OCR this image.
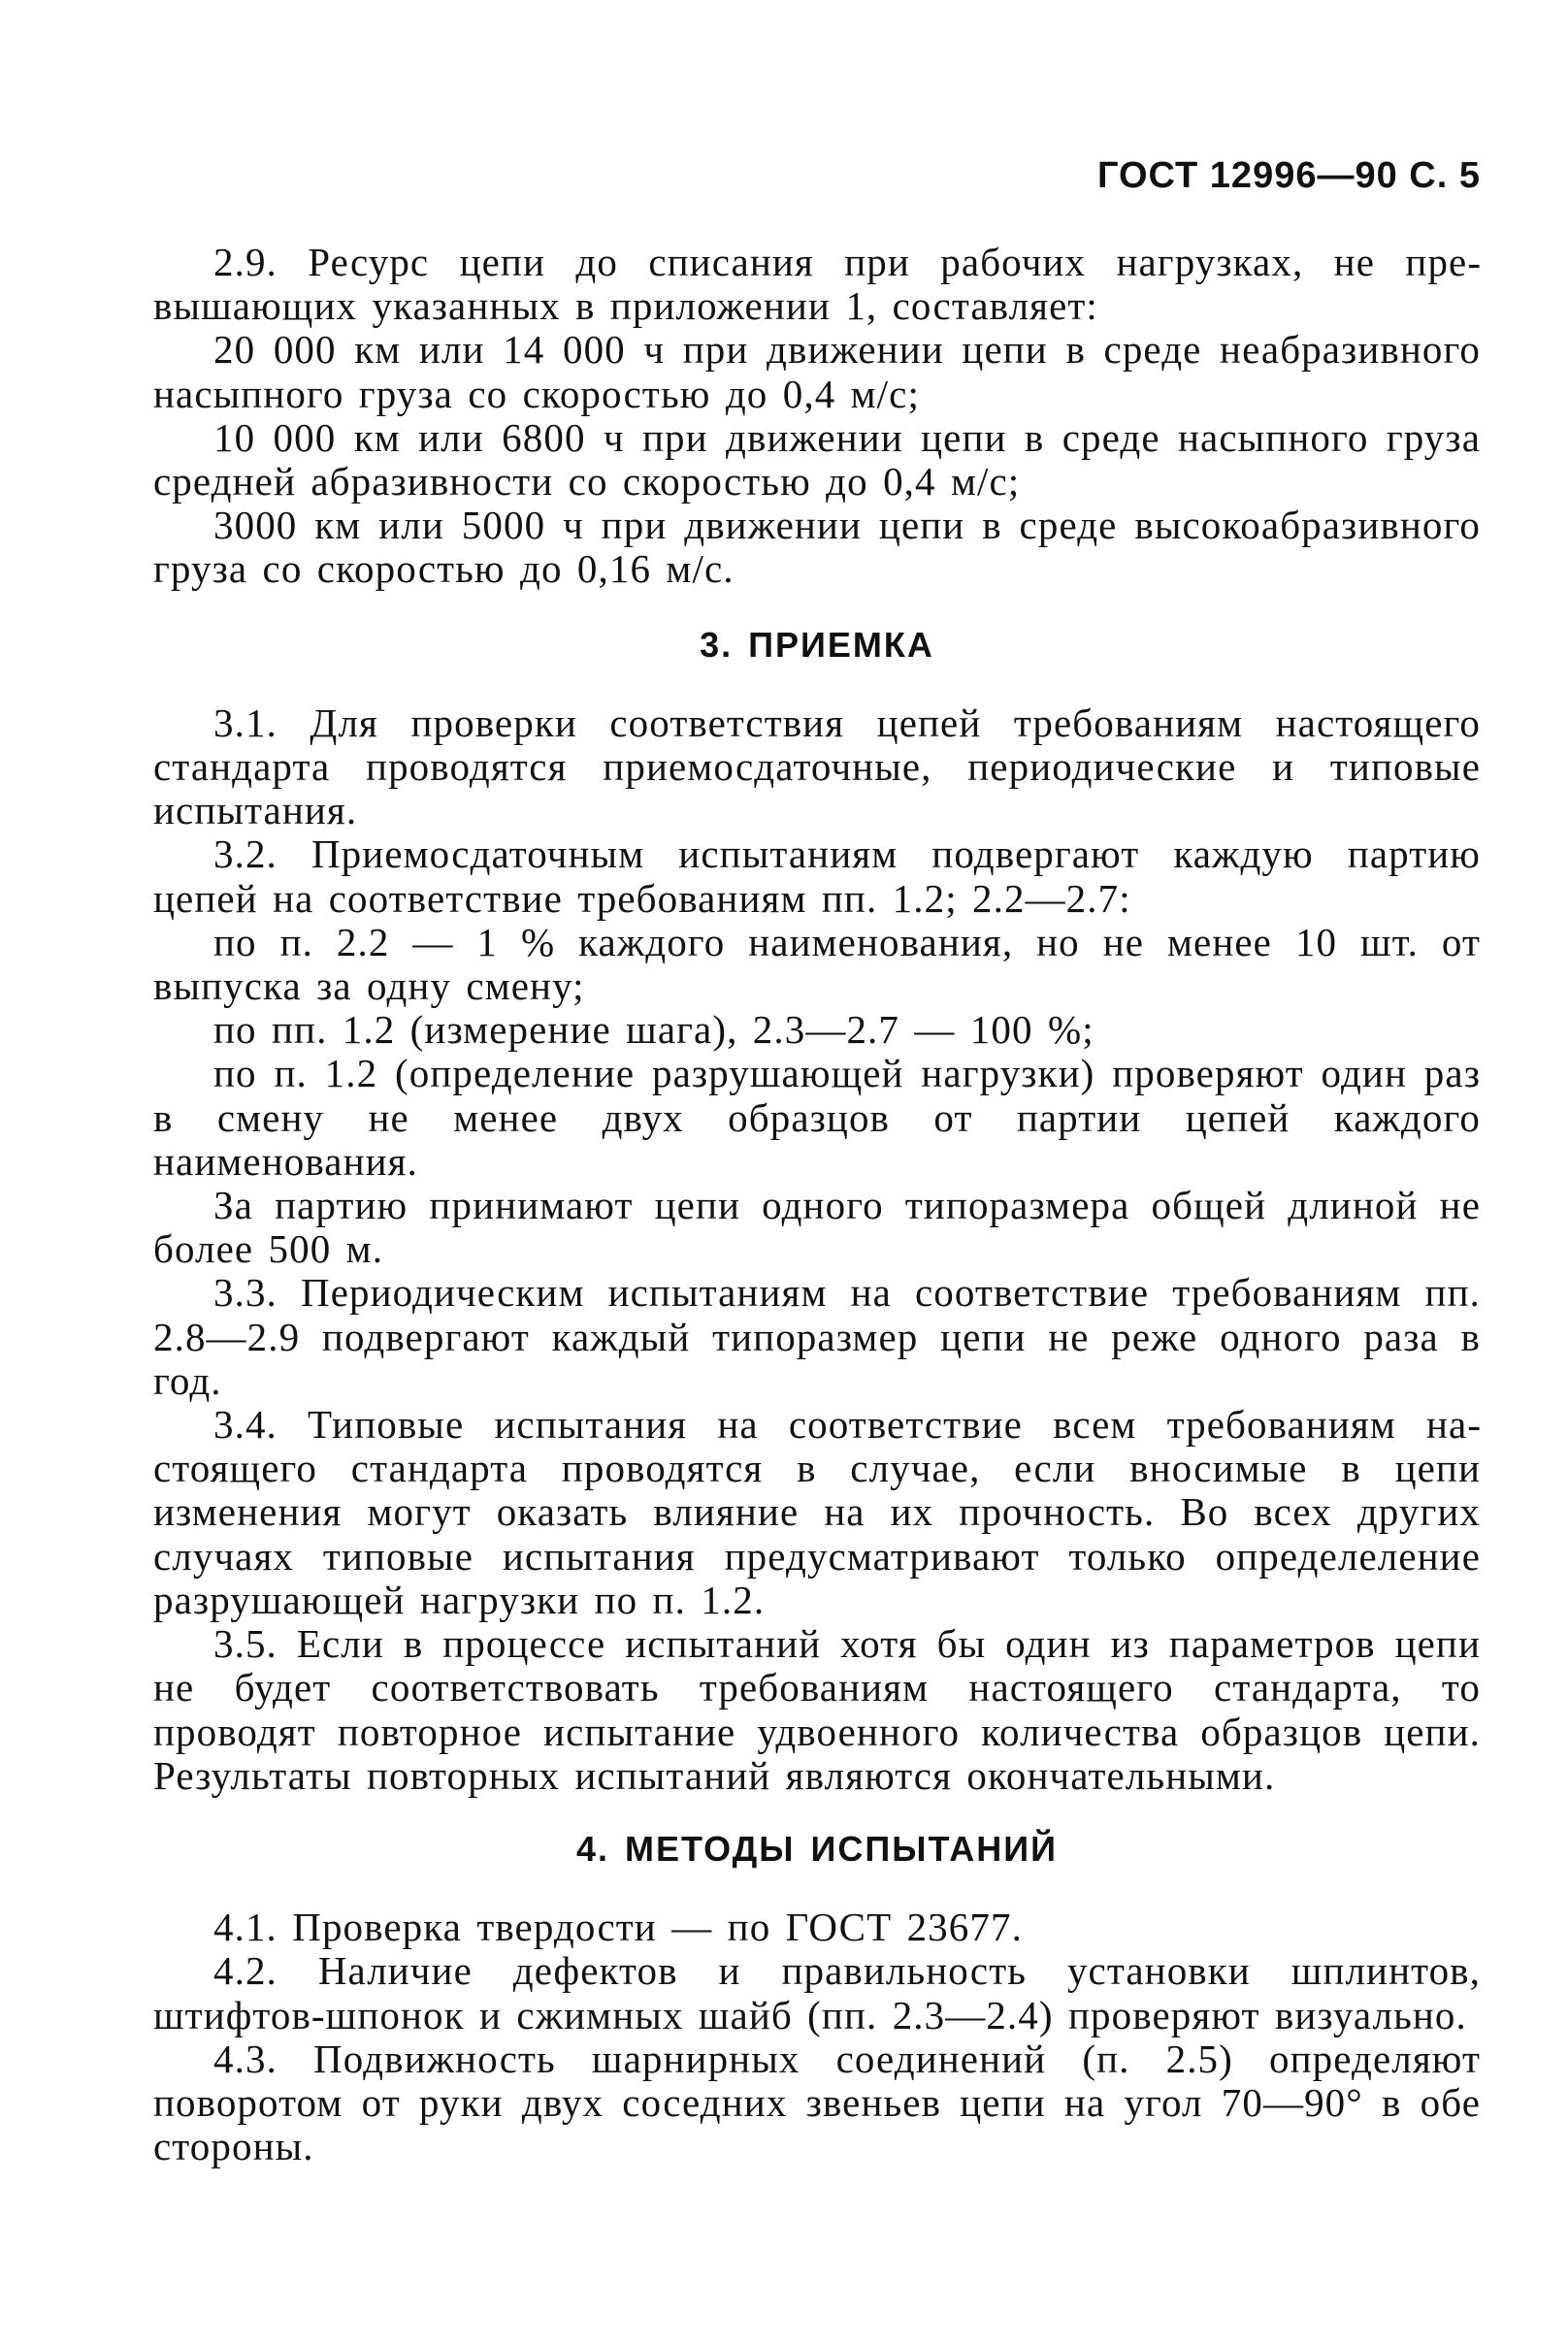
ГОСТ 12996—90 С. 5

2.9. Ресурс цепи до списания при рабочих нагрузках, не превышающих указанных в приложении 1, составляет:

20 000 км или 14 000 ч при движении цепи в среде неабразивного насыпного груза со скоростью до 0,4 м/с;

10 000 км или 6800 ч при движении цепи в среде насыпного груза средней абразивности со скоростью до 0,4 м/с;

3000 км или 5000 ч при движении цепи в среде высокоабразивного груза со скоростью до 0,16 м/с.

3. ПРИЕМКА

3.1. Для проверки соответствия цепей требованиям настоящего стандарта проводятся приемосдаточные, периодические и типовые испытания.

3.2. Приемосдаточным испытаниям подвергают каждую партию цепей на соответствие требованиям пп. 1.2; 2.2—2.7:

по п. 2.2 — 1 % каждого наименования, но не менее 10 шт. от выпуска за одну смену;

по пп. 1.2 (измерение шага), 2.3—2.7 — 100 %;

по п. 1.2 (определение разрушающей нагрузки) проверяют один раз в смену не менее двух образцов от партии цепей каждого наименования.

За партию принимают цепи одного типоразмера общей длиной не более 500 м.

3.3. Периодическим испытаниям на соответствие требованиям пп. 2.8—2.9 подвергают каждый типоразмер цепи не реже одного раза в год.

3.4. Типовые испытания на соответствие всем требованиям настоящего стандарта проводятся в случае, если вносимые в цепи изменения могут оказать влияние на их прочность. Во всех других случаях типовые испытания предусматривают только определеление разрушающей нагрузки по п. 1.2.

3.5. Если в процессе испытаний хотя бы один из параметров цепи не будет соответствовать требованиям настоящего стандарта, то проводят повторное испытание удвоенного количества образцов цепи. Результаты повторных испытаний являются окончательными.

4. МЕТОДЫ ИСПЫТАНИЙ

4.1. Проверка твердости — по ГОСТ 23677.

4.2. Наличие дефектов и правильность установки шплинтов, штифтов-шпонок и сжимных шайб (пп. 2.3—2.4) проверяют визуально.

4.3. Подвижность шарнирных соединений (п. 2.5) определяют поворотом от руки двух соседних звеньев цепи на угол 70—90° в обе стороны.
